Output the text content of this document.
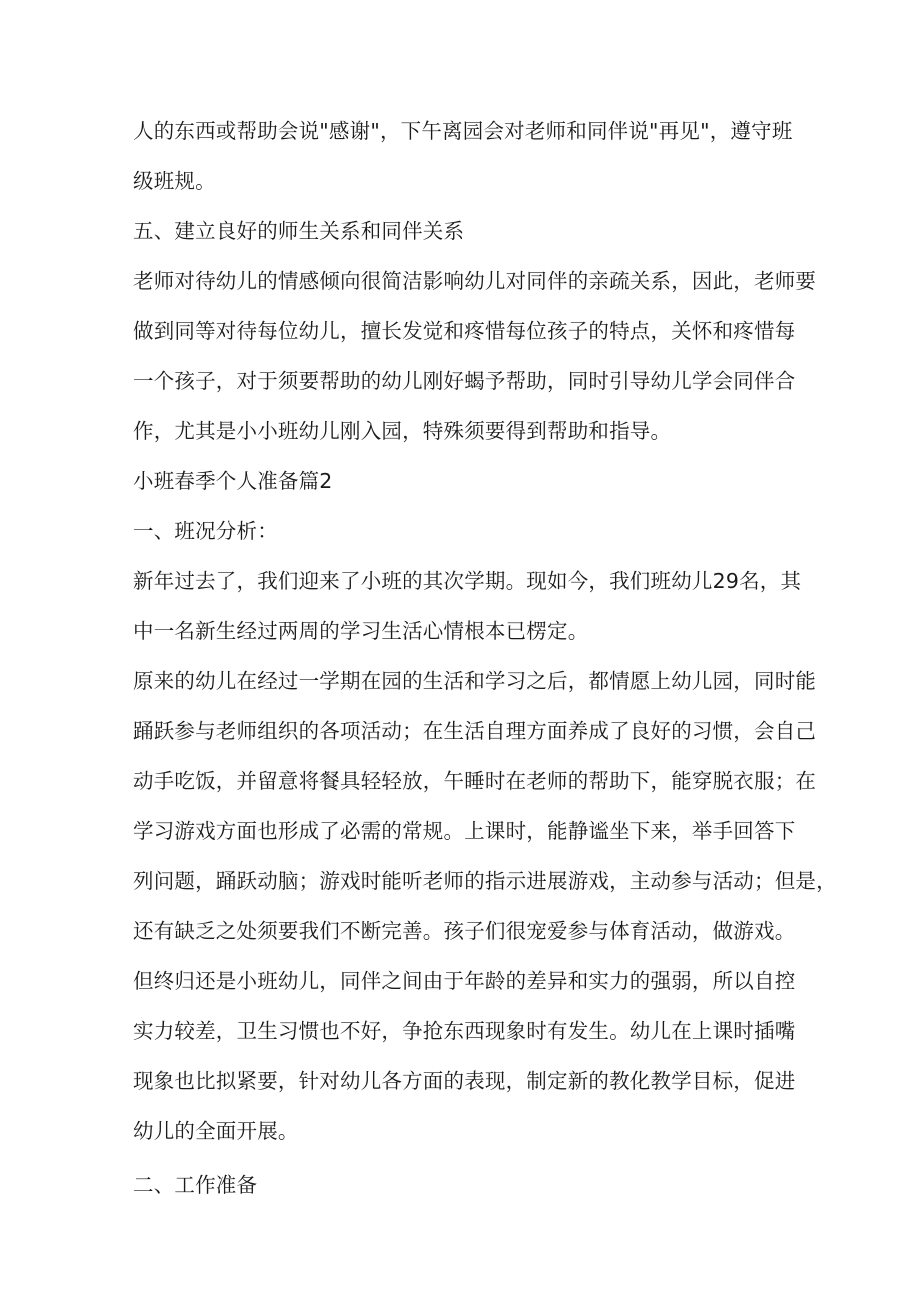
人的东西或帮助会说"感谢"，下午离园会对老师和同伴说"再见"，遵守班
级班规。
五、建立良好的师生关系和同伴关系
老师对待幼儿的情感倾向很简洁影响幼儿对同伴的亲疏关系，因此，老师要
做到同等对待每位幼儿，擅长发觉和疼惜每位孩子的特点，关怀和疼惜每
一个孩子，对于须要帮助的幼儿刚好蝎予帮助，同时引导幼儿学会同伴合
作，尤其是小小班幼儿刚入园，特殊须要得到帮助和指导。
小班春季个人准备篇2
一、班况分析：
新年过去了，我们迎来了小班的其次学期。现如今，我们班幼儿29名，其
中一名新生经过两周的学习生活心情根本已楞定。
原来的幼儿在经过一学期在园的生活和学习之后，都情愿上幼儿园，同时能
踊跃参与老师组织的各项活动；在生活自理方面养成了良好的习惯，会自己
动手吃饭，并留意将餐具轻轻放，午睡时在老师的帮助下，能穿脱衣服；在
学习游戏方面也形成了必需的常规。上课时，能静谧坐下来，举手回答下
列问题，踊跃动脑；游戏时能听老师的指示进展游戏，主动参与活动；但是，
还有缺乏之处须要我们不断完善。孩子们很宠爱参与体育活动，做游戏。
但终归还是小班幼儿，同伴之间由于年龄的差异和实力的强弱，所以自控
实力较差，卫生习惯也不好，争抢东西现象时有发生。幼儿在上课时插嘴
现象也比拟紧要，针对幼儿各方面的表现，制定新的教化教学目标，促进
幼儿的全面开展。
二、工作准备
